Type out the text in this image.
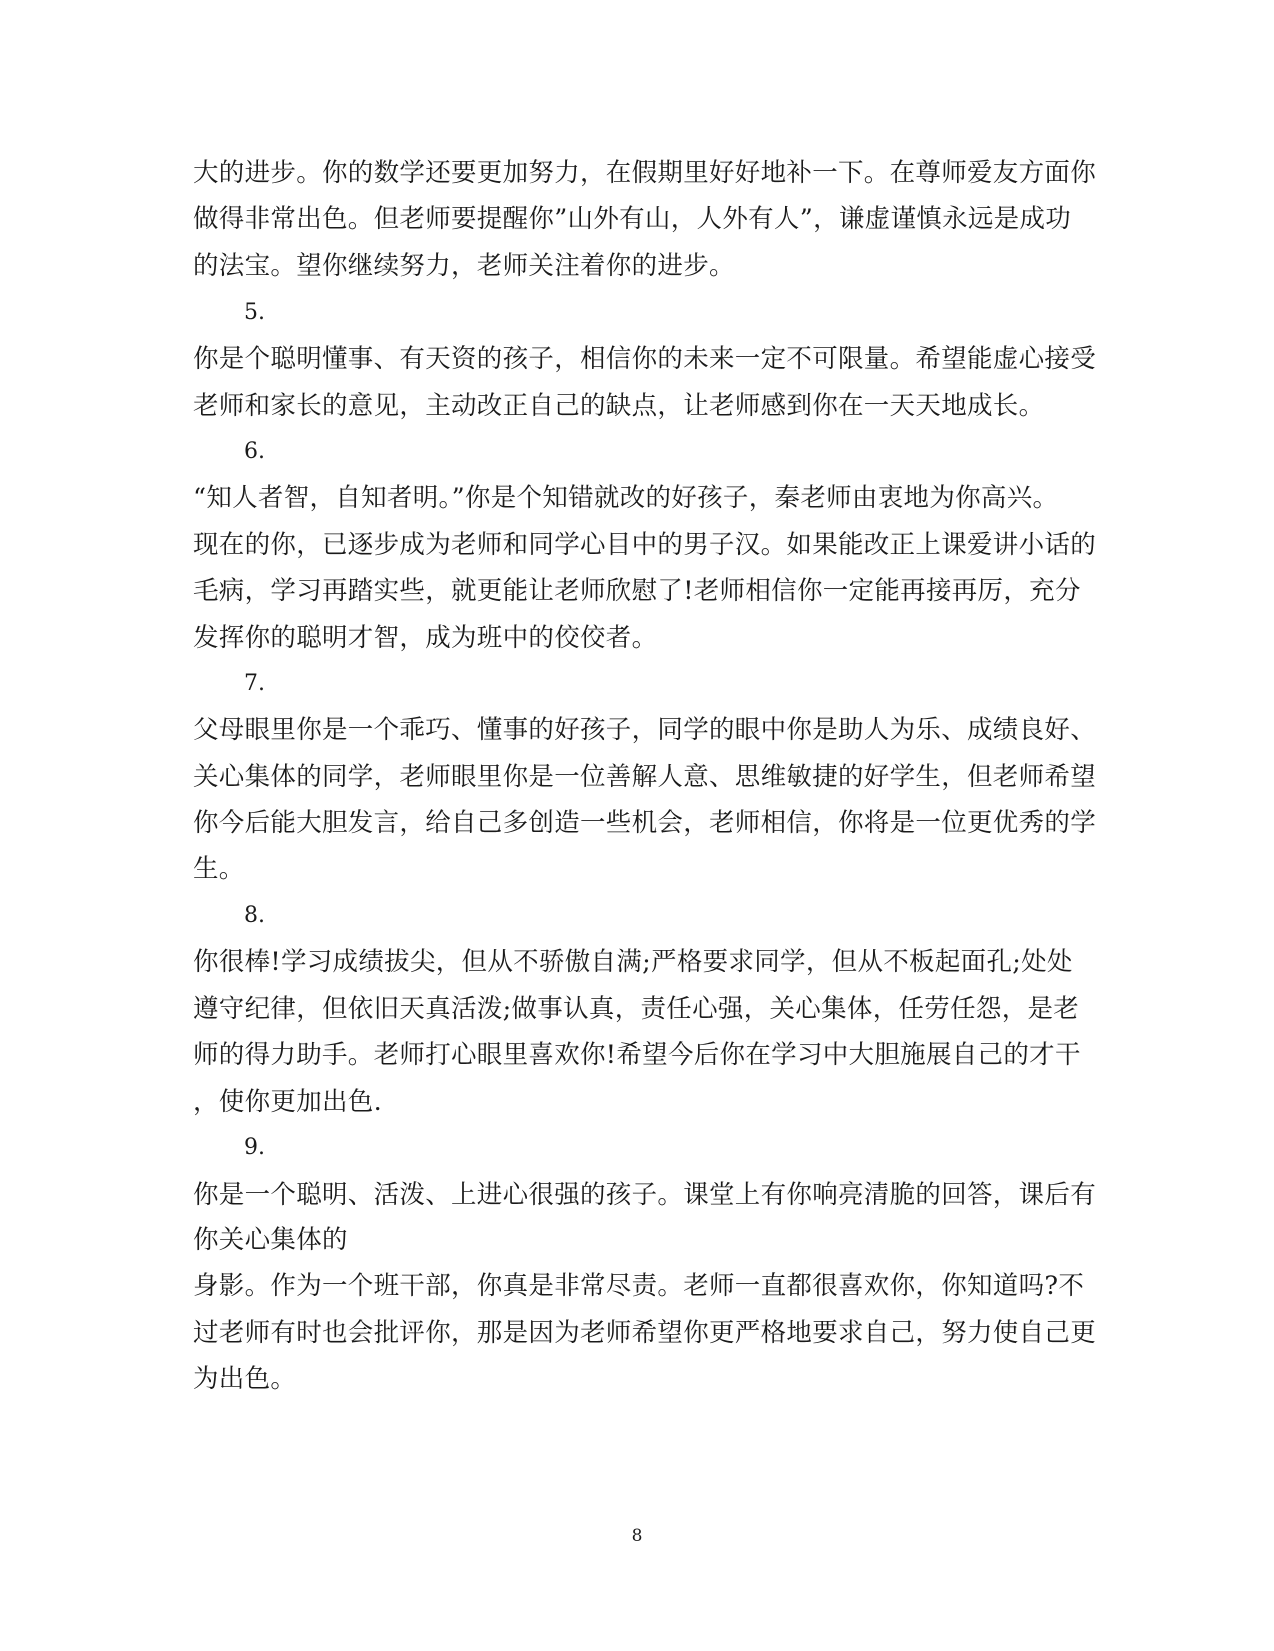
大的进步。你的数学还要更加努力，在假期里好好地补一下。在尊师爱友方面你
做得非常出色。但老师要提醒你”山外有山，人外有人”，谦虚谨慎永远是成功
的法宝。望你继续努力，老师关注着你的进步。
5.
你是个聪明懂事、有天资的孩子，相信你的未来一定不可限量。希望能虚心接受
老师和家长的意见，主动改正自己的缺点，让老师感到你在一天天地成长。
6.
“知人者智，自知者明。”你是个知错就改的好孩子，秦老师由衷地为你高兴。
现在的你，已逐步成为老师和同学心目中的男子汉。如果能改正上课爱讲小话的
毛病，学习再踏实些，就更能让老师欣慰了!老师相信你一定能再接再厉，充分
发挥你的聪明才智，成为班中的佼佼者。
7.
父母眼里你是一个乖巧、懂事的好孩子，同学的眼中你是助人为乐、成绩良好、
关心集体的同学，老师眼里你是一位善解人意、思维敏捷的好学生，但老师希望
你今后能大胆发言，给自己多创造一些机会，老师相信，你将是一位更优秀的学
生。
8.
你很棒!学习成绩拔尖，但从不骄傲自满;严格要求同学，但从不板起面孔;处处
遵守纪律，但依旧天真活泼;做事认真，责任心强，关心集体，任劳任怨，是老
师的得力助手。老师打心眼里喜欢你!希望今后你在学习中大胆施展自己的才干
，使你更加出色.
9.
你是一个聪明、活泼、上进心很强的孩子。课堂上有你响亮清脆的回答，课后有
你关心集体的
身影。作为一个班干部，你真是非常尽责。老师一直都很喜欢你，你知道吗?不
过老师有时也会批评你，那是因为老师希望你更严格地要求自己，努力使自己更
为出色。
8
